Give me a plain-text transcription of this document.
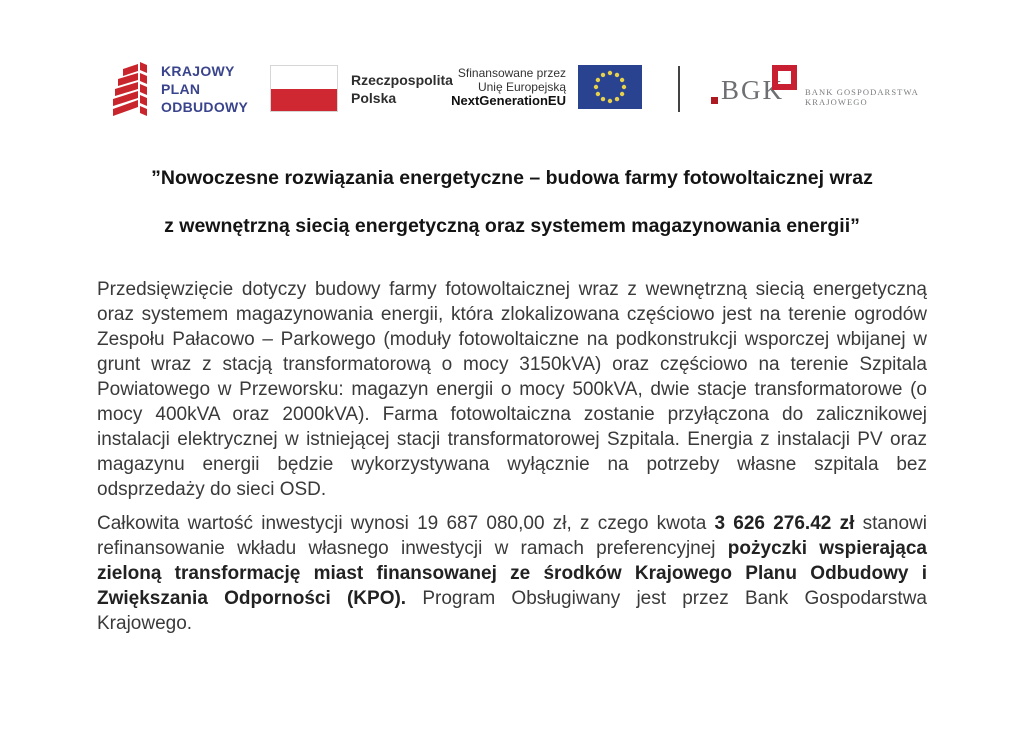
KRAJOWY
PLAN
ODBUDOWY
Rzeczpospolita
Polska
Sfinansowane przez
Unię Europejską
NextGenerationEU	BGK BANK GOSPODARSTWA
KRAJOWEGO
”Nowoczesne rozwiązania energetyczne – budowa farmy fotowoltaicznej wraz
z wewnętrzną siecią energetyczną oraz systemem magazynowania energii”

Przedsięwzięcie dotyczy budowy farmy fotowoltaicznej wraz z wewnętrzną siecią energetyczną oraz systemem magazynowania energii, która zlokalizowana częściowo jest na terenie ogrodów Zespołu Pałacowo – Parkowego (moduły fotowoltaiczne na podkonstrukcji wsporczej wbijanej w grunt wraz z stacją transformatorową o mocy 3150kVA) oraz częściowo na terenie Szpitala Powiatowego w Przeworsku: magazyn energii o mocy 500kVA, dwie stacje transformatorowe (o mocy 400kVA oraz 2000kVA). Farma fotowoltaiczna zostanie przyłączona do zalicznikowej instalacji elektrycznej w istniejącej stacji transformatorowej Szpitala. Energia z instalacji PV oraz magazynu energii będzie wykorzystywana wyłącznie na potrzeby własne szpitala bez odsprzedaży do sieci OSD.

Całkowita wartość inwestycji wynosi 19 687 080,00 zł, z czego kwota 3 626 276.42 zł stanowi refinansowanie wkładu własnego inwestycji w ramach preferencyjnej pożyczki wspierająca zieloną transformację miast finansowanej ze środków Krajowego Planu Odbudowy i Zwiększania Odporności (KPO). Program Obsługiwany jest przez Bank Gospodarstwa Krajowego.
